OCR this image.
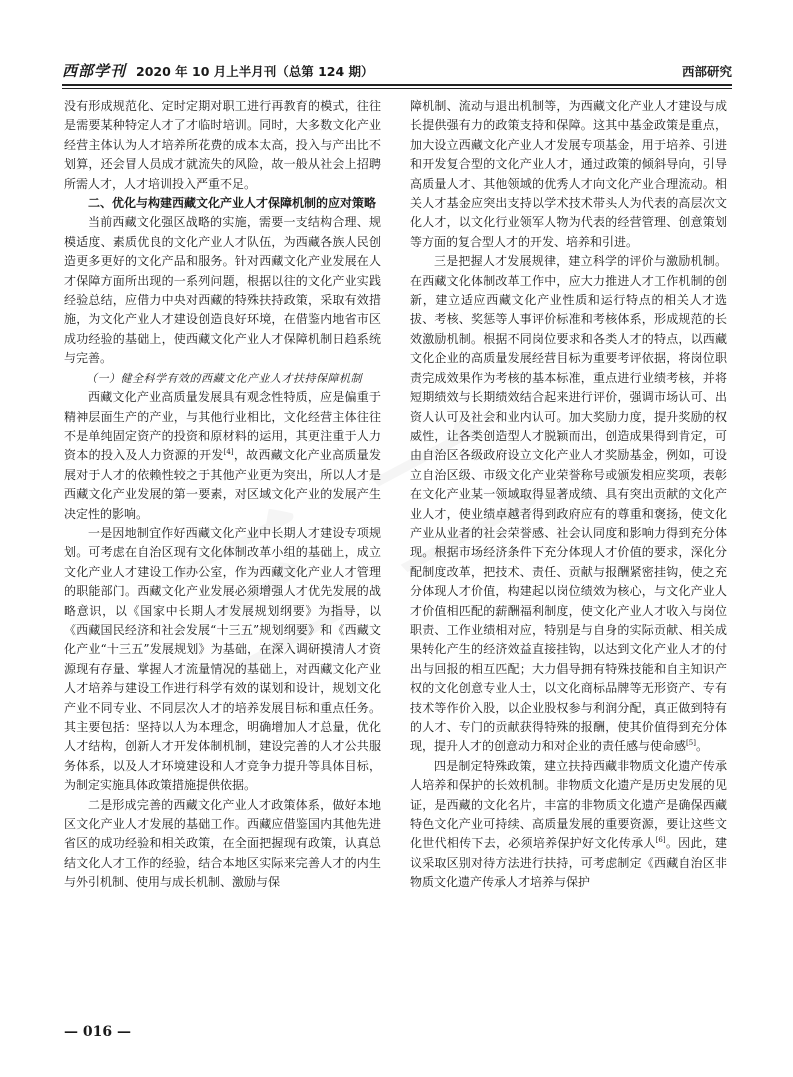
西部学刊 2020 年 10 月上半月刊（总第 124 期）	西部研究

没有形成规范化、定时定期对职工进行再教育的模式，往往是需要某种特定人才了才临时培训。同时，大多数文化产业经营主体认为人才培养所花费的成本太高，投入与产出比不划算，还会冒人员成才就流失的风险，故一般从社会上招聘所需人才，人才培训投入严重不足。

二、优化与构建西藏文化产业人才保障机制的应对策略

当前西藏文化强区战略的实施，需要一支结构合理、规模适度、素质优良的文化产业人才队伍，为西藏各族人民创造更多更好的文化产品和服务。针对西藏文化产业发展在人才保障方面所出现的一系列问题，根据以往的文化产业实践经验总结，应借力中央对西藏的特殊扶持政策，采取有效措施，为文化产业人才建设创造良好环境，在借鉴内地省市区成功经验的基础上，使西藏文化产业人才保障机制日趋系统与完善。

（一）健全科学有效的西藏文化产业人才扶持保障机制

西藏文化产业高质量发展具有观念性特质，应是偏重于精神层面生产的产业，与其他行业相比，文化经营主体往往不是单纯固定资产的投资和原材料的运用，其更注重于人力资本的投入及人力资源的开发[4]，故西藏文化产业高质量发展对于人才的依赖性较之于其他产业更为突出，所以人才是西藏文化产业发展的第一要素，对区域文化产业的发展产生决定性的影响。

一是因地制宜作好西藏文化产业中长期人才建设专项规划。可考虑在自治区现有文化体制改革小组的基础上，成立文化产业人才建设工作办公室，作为西藏文化产业人才管理的职能部门。西藏文化产业发展必须增强人才优先发展的战略意识，以《国家中长期人才发展规划纲要》为指导，以《西藏国民经济和社会发展“十三五”规划纲要》和《西藏文化产业“十三五”发展规划》为基础，在深入调研摸清人才资源现有存量、掌握人才流量情况的基础上，对西藏文化产业人才培养与建设工作进行科学有效的谋划和设计，规划文化产业不同专业、不同层次人才的培养发展目标和重点任务。其主要包括：坚持以人为本理念，明确增加人才总量，优化人才结构，创新人才开发体制机制，建设完善的人才公共服务体系，以及人才环境建设和人才竞争力提升等具体目标，为制定实施具体政策措施提供依据。

二是形成完善的西藏文化产业人才政策体系，做好本地区文化产业人才发展的基础工作。西藏应借鉴国内其他先进省区的成功经验和相关政策，在全面把握现有政策，认真总结文化人才工作的经验，结合本地区实际来完善人才的内生与外引机制、使用与成长机制、激励与保

障机制、流动与退出机制等，为西藏文化产业人才建设与成长提供强有力的政策支持和保障。这其中基金政策是重点，加大设立西藏文化产业人才发展专项基金，用于培养、引进和开发复合型的文化产业人才，通过政策的倾斜导向，引导高质量人才、其他领域的优秀人才向文化产业合理流动。相关人才基金应突出支持以学术技术带头人为代表的高层次文化人才，以文化行业领军人物为代表的经营管理、创意策划等方面的复合型人才的开发、培养和引进。

三是把握人才发展规律，建立科学的评价与激励机制。在西藏文化体制改革工作中，应大力推进人才工作机制的创新，建立适应西藏文化产业性质和运行特点的相关人才选拔、考核、奖惩等人事评价标准和考核体系，形成规范的长效激励机制。根据不同岗位要求和各类人才的特点，以西藏文化企业的高质量发展经营目标为重要考评依据，将岗位职责完成效果作为考核的基本标准，重点进行业绩考核，并将短期绩效与长期绩效结合起来进行评价，强调市场认可、出资人认可及社会和业内认可。加大奖励力度，提升奖励的权威性，让各类创造型人才脱颖而出，创造成果得到肯定，可由自治区各级政府设立文化产业人才奖励基金，例如，可设立自治区级、市级文化产业荣誉称号或颁发相应奖项，表彰在文化产业某一领域取得显著成绩、具有突出贡献的文化产业人才，使业绩卓越者得到政府应有的尊重和褒扬，使文化产业从业者的社会荣誉感、社会认同度和影响力得到充分体现。根据市场经济条件下充分体现人才价值的要求，深化分配制度改革，把技术、责任、贡献与报酬紧密挂钩，使之充分体现人才价值，构建起以岗位绩效为核心，与文化产业人才价值相匹配的薪酬福利制度，使文化产业人才收入与岗位职责、工作业绩相对应，特别是与自身的实际贡献、相关成果转化产生的经济效益直接挂钩，以达到文化产业人才的付出与回报的相互匹配；大力倡导拥有特殊技能和自主知识产权的文化创意专业人士，以文化商标品牌等无形资产、专有技术等作价入股，以企业股权参与利润分配，真正做到特有的人才、专门的贡献获得特殊的报酬，使其价值得到充分体现，提升人才的创意动力和对企业的责任感与使命感[5]。

四是制定特殊政策，建立扶持西藏非物质文化遗产传承人培养和保护的长效机制。非物质文化遗产是历史发展的见证，是西藏的文化名片，丰富的非物质文化遗产是确保西藏特色文化产业可持续、高质量发展的重要资源，要让这些文化世代相传下去，必须培养保护好文化传承人[6]。因此，建议采取区别对待方法进行扶持，可考虑制定《西藏自治区非物质文化遗产传承人才培养与保护

— 016 —
